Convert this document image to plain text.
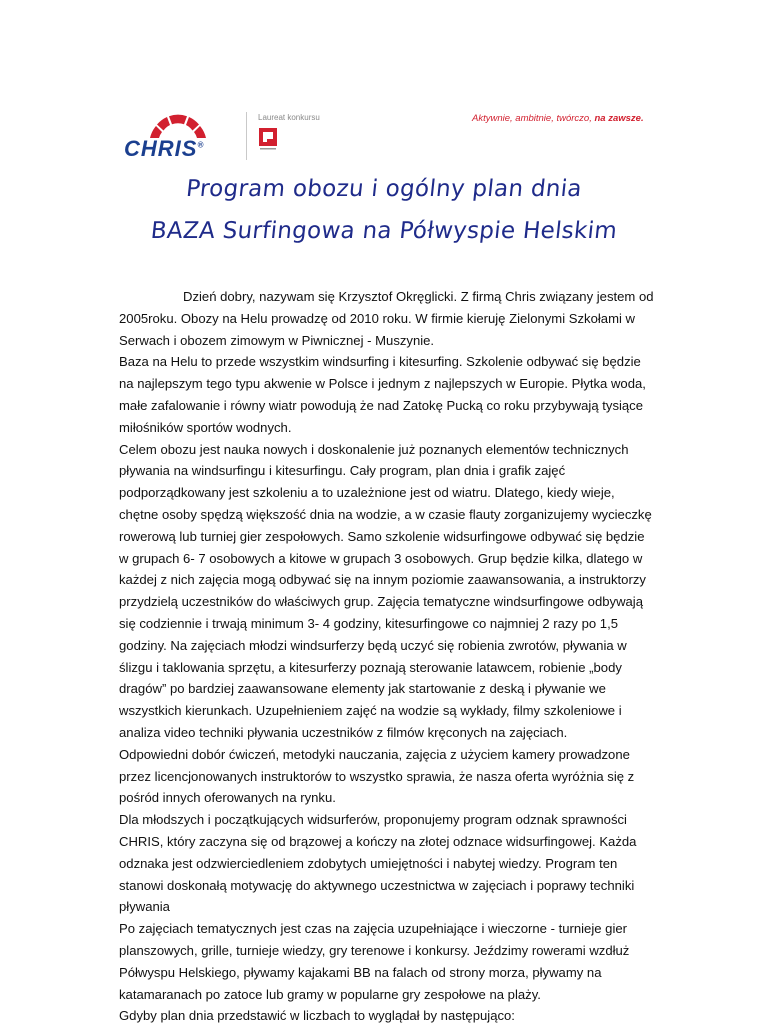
CHRIS®
Laureat konkursu	Aktywnie, ambitnie, twórczo, na zawsze.
Program obozu i ogólny plan dnia
BAZA Surfingowa na Półwyspie Helskim

Dzień dobry, nazywam się Krzysztof Okręglicki. Z firmą Chris związany jestem od 2005roku. Obozy na Helu prowadzę od 2010 roku. W firmie kieruję Zielonymi Szkołami w Serwach i obozem zimowym w Piwnicznej - Muszynie.

Baza na Helu to przede wszystkim windsurfing i kitesurfing. Szkolenie odbywać się będzie na najlepszym tego typu akwenie w Polsce i jednym z najlepszych w Europie. Płytka woda, małe zafalowanie i równy wiatr powodują że nad Zatokę Pucką co roku przybywają tysiące miłośników sportów wodnych.

Celem obozu jest nauka nowych i doskonalenie już poznanych elementów technicznych pływania na windsurfingu i kitesurfingu. Cały program, plan dnia i grafik zajęć podporządkowany jest szkoleniu a to uzależnione jest od wiatru. Dlatego, kiedy wieje, chętne osoby spędzą większość dnia na wodzie, a w czasie flauty zorganizujemy wycieczkę rowerową lub turniej gier zespołowych. Samo szkolenie widsurfingowe odbywać się będzie w grupach 6- 7 osobowych a kitowe w grupach 3 osobowych. Grup będzie kilka, dlatego w każdej z nich zajęcia mogą odbywać się na innym poziomie zaawansowania, a instruktorzy przydzielą uczestników do właściwych grup. Zajęcia tematyczne windsurfingowe odbywają się codziennie i trwają minimum 3- 4 godziny, kitesurfingowe co najmniej 2 razy po 1,5 godziny. Na zajęciach młodzi windsurferzy będą uczyć się robienia zwrotów, pływania w ślizgu i taklowania sprzętu, a kitesurferzy poznają sterowanie latawcem, robienie „body dragów” po bardziej zaawansowane elementy jak startowanie z deską i pływanie we wszystkich kierunkach. Uzupełnieniem zajęć na wodzie są wykłady, filmy szkoleniowe i analiza video techniki pływania uczestników z filmów kręconych na zajęciach.

Odpowiedni dobór ćwiczeń, metodyki nauczania, zajęcia z użyciem kamery prowadzone przez licencjonowanych instruktorów to wszystko sprawia, że nasza oferta wyróżnia się z pośród innych oferowanych na rynku.

Dla młodszych i początkujących widsurferów, proponujemy program odznak sprawności CHRIS, który zaczyna się od brązowej a kończy na złotej odznace widsurfingowej. Każda odznaka jest odzwierciedleniem zdobytych umiejętności i nabytej wiedzy. Program ten stanowi doskonałą motywację do aktywnego uczestnictwa w zajęciach i poprawy techniki pływania

Po zajęciach tematycznych jest czas na zajęcia uzupełniające i wieczorne - turnieje gier planszowych, grille, turnieje wiedzy, gry terenowe i konkursy. Jeździmy rowerami wzdłuż Półwyspu Helskiego, pływamy kajakami BB na falach od strony morza, pływamy na katamaranach po zatoce lub gramy w popularne gry zespołowe na plaży.

Gdyby plan dnia przedstawić w liczbach to wyglądał by następująco:
